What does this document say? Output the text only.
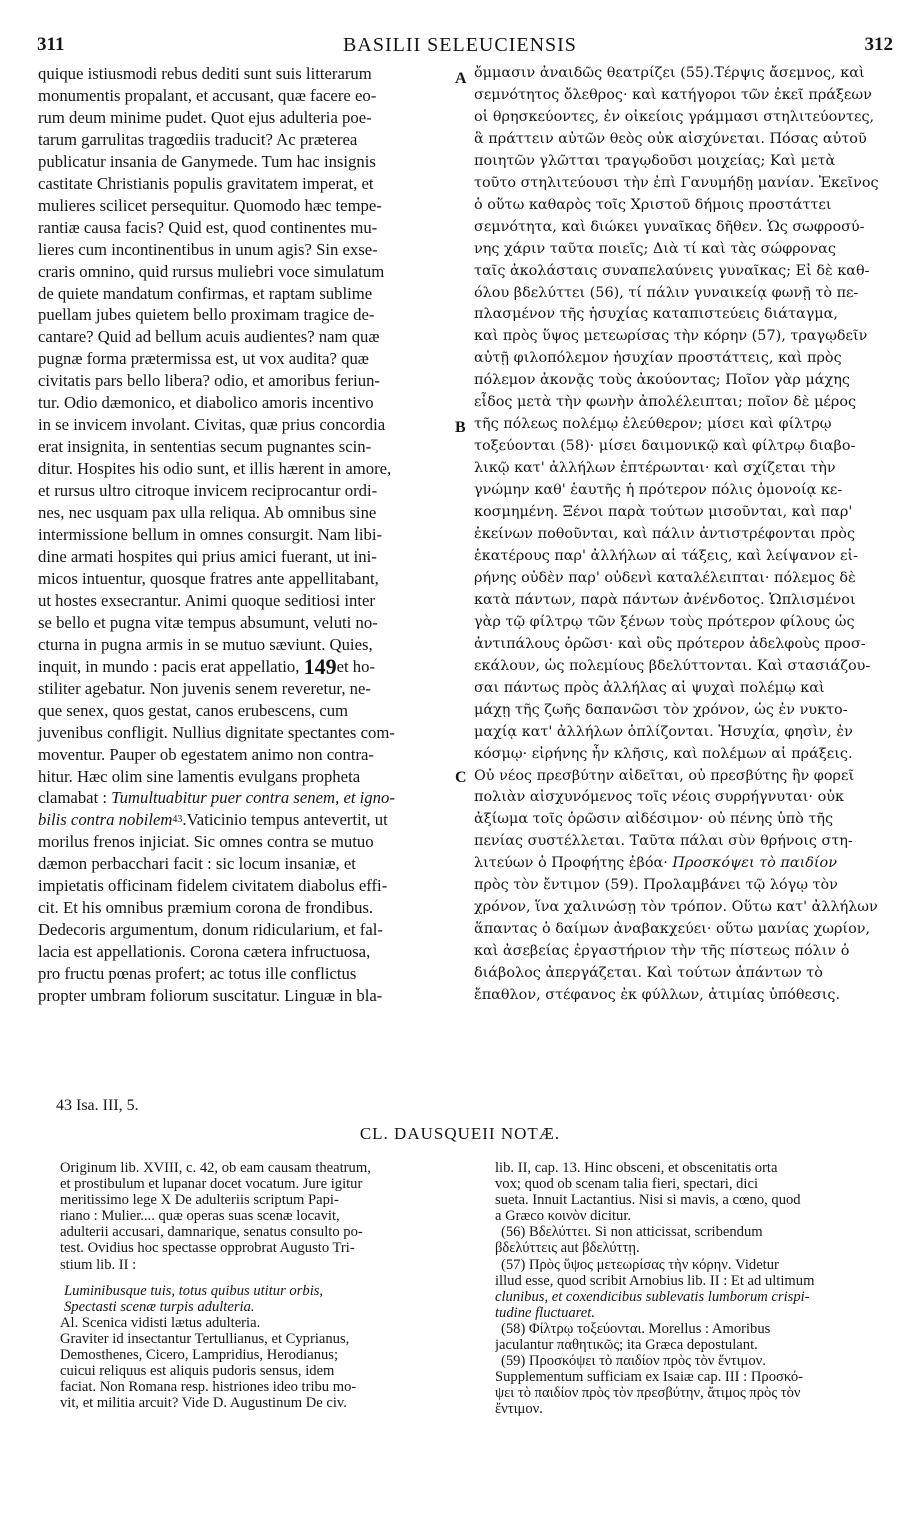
311	BASILII SELEUCIENSIS	312
A
B
C
quique istiusmodi rebus dediti sunt suis litterarum
monumentis propalant, et accusant, quæ facere eo-
rum deum minime pudet. Quot ejus adulteria poe-
tarum garrulitas tragœdiis traducit? Ac præterea
publicatur insania de Ganymede. Tum hac insignis
castitate Christianis populis gravitatem imperat, et
mulieres scilicet persequitur. Quomodo hæc tempe-
rantiæ causa facis? Quid est, quod continentes mu-
lieres cum incontinentibus in unum agis? Sin exse-
craris omnino, quid rursus muliebri voce simulatum
de quiete mandatum confirmas, et raptam sublime
puellam jubes quietem bello proximam tragice de-
cantare? Quid ad bellum acuis audientes? nam quæ
pugnæ forma prætermissa est, ut vox audita? quæ
civitatis pars bello libera? odio, et amoribus feriun-
tur. Odio dæmonico, et diabolico amoris incentivo
in se invicem involant. Civitas, quæ prius concordia
erat insignita, in sententias secum pugnantes scin-
ditur. Hospites his odio sunt, et illis hærent in amore,
et rursus ultro citroque invicem reciprocantur ordi-
nes, nec usquam pax ulla reliqua. Ab omnibus sine
intermissione bellum in omnes consurgit. Nam libi-
dine armati hospites qui prius amici fuerant, ut ini-
micos intuentur, quosque fratres ante appellitabant,
ut hostes exsecrantur. Animi quoque seditiosi inter
se bello et pugna vitæ tempus absumunt, veluti no-
cturna in pugna armis in se mutuo sæviunt. Quies,
inquit, in mundo : pacis erat appellatio,
149 et ho-
stiliter agebatur. Non juvenis senem reveretur, ne-
que senex, quos gestat, canos erubescens, cum
juvenibus confligit. Nullius dignitate spectantes com-
moventur. Pauper ob egestatem animo non contra-
hitur. Hæc olim sine lamentis evulgans propheta
clamabat :
Tumultuabitur puer contra senem, et igno-
bilis contra nobilem 43 . Vaticinio tempus antevertit, ut
morilus frenos injiciat. Sic omnes contra se mutuo
dæmon perbacchari facit : sic locum insaniæ, et
impietatis officinam fidelem civitatem diabolus effi-
cit. Et his omnibus præmium corona de frondibus.
Dedecoris argumentum, donum ridicularium, et fal-
lacia est appellationis. Corona cætera infructuosa,
pro fructu pœnas profert; ac totus ille conflictus
propter umbram foliorum suscitatur. Linguæ in bla-
ὄμμασιν ἀναιδῶς θεατρίζει (55).Τέρψις ἄσεμνος, καὶ
σεμνότητος ὄλεθρος· καὶ κατήγοροι τῶν ἐκεῖ πράξεων
οἱ θρησκεύοντες, ἐν οἰκείοις γράμμασι στηλιτεύοντες,
ἃ πράττειν αὐτῶν θεὸς οὐκ αἰσχύνεται. Πόσας αὐτοῦ
ποιητῶν γλῶτται τραγῳδοῦσι μοιχείας; Καὶ μετὰ
τοῦτο στηλιτεύουσι τὴν ἐπὶ Γανυμήδῃ μανίαν. Ἐκεῖνος
ὁ οὕτω καθαρὸς τοῖς Χριστοῦ δήμοις προστάττει
σεμνότητα, καὶ διώκει γυναῖκας δῆθεν. Ὡς σωφροσύ-
νης χάριν ταῦτα ποιεῖς; Διὰ τί καὶ τὰς σώφρονας
ταῖς ἀκολάσταις συναπελαύνεις γυναῖκας; Εἰ δὲ καθ-
όλου βδελύττει (56), τί πάλιν γυναικείᾳ φωνῇ τὸ πε-
πλασμένον τῆς ἡσυχίας καταπιστεύεις διάταγμα,
καὶ πρὸς ὕψος μετεωρίσας τὴν κόρην (57), τραγῳδεῖν
αὐτῇ φιλοπόλεμον ἡσυχίαν προστάττεις, καὶ πρὸς
πόλεμον ἀκονᾷς τοὺς ἀκούοντας; Ποῖον γὰρ μάχης
εἶδος μετὰ τὴν φωνὴν ἀπολέλειπται; ποῖον δὲ μέρος
τῆς πόλεως πολέμῳ ἐλεύθερον; μίσει καὶ φίλτρῳ
τοξεύονται (58)· μίσει δαιμονικῷ καὶ φίλτρῳ διαβο-
λικῷ κατ' ἀλλήλων ἐπτέρωνται· καὶ σχίζεται τὴν
γνώμην καθ' ἑαυτῆς ἡ πρότερον πόλις ὁμονοίᾳ κε-
κοσμημένη. Ξένοι παρὰ τούτων μισοῦνται, καὶ παρ'
ἐκείνων ποθοῦνται, καὶ πάλιν ἀντιστρέφονται πρὸς
ἑκατέρους παρ' ἀλλήλων αἱ τάξεις, καὶ λείψανον εἰ-
ρήνης οὐδὲν παρ' οὐδενὶ καταλέλειπται· πόλεμος δὲ
κατὰ πάντων, παρὰ πάντων ἀνένδοτος. Ὡπλισμένοι
γὰρ τῷ φίλτρῳ τῶν ξένων τοὺς πρότερον φίλους ὡς
ἀντιπάλους ὁρῶσι· καὶ οὓς πρότερον ἀδελφοὺς προσ-
εκάλουν, ὡς πολεμίους βδελύττονται. Καὶ στασιάζου-
σαι πάντως πρὸς ἀλλήλας αἱ ψυχαὶ πολέμῳ καὶ
μάχῃ τῆς ζωῆς δαπανῶσι τὸν χρόνον, ὡς ἐν νυκτο-
μαχίᾳ κατ' ἀλλήλων ὁπλίζονται. Ἡσυχία, φησὶν, ἐν
κόσμῳ· εἰρήνης ἦν κλῆσις, καὶ πολέμων αἱ πράξεις.
Οὐ νέος πρεσβύτην αἰδεῖται, οὐ πρεσβύτης ἣν φορεῖ
πολιὰν αἰσχυνόμενος τοῖς νέοις συρρήγνυται· οὐκ
ἀξίωμα τοῖς ὁρῶσιν αἰδέσιμον· οὐ πένης ὑπὸ τῆς
πενίας συστέλλεται. Ταῦτα πάλαι σὺν θρήνοις στη-
λιτεύων ὁ Προφήτης ἐβόα·
Προσκόψει τὸ παιδίον
πρὸς τὸν ἔντιμον (59). Προλαμβάνει τῷ λόγῳ τὸν
χρόνον, ἵνα χαλινώσῃ τὸν τρόπον. Οὕτω κατ' ἀλλήλων
ἅπαντας ὁ δαίμων ἀναβακχεύει· οὕτω μανίας χωρίον,
καὶ ἀσεβείας ἐργαστήριον τὴν τῆς πίστεως πόλιν ὁ
διάβολος ἀπεργάζεται. Καὶ τούτων ἁπάντων τὸ
ἔπαθλον, στέφανος ἐκ φύλλων, ἀτιμίας ὑπόθεσις.
43 Isa. III, 5.
CL. DAUSQUEII NOTÆ.
Originum lib. XVIII, c. 42, ob eam causam theatrum,
et prostibulum et lupanar docet vocatum. Jure igitur
meritissimo lege X De adulteriis scriptum Papi-
riano : Mulier.... quæ operas suas scenæ locavit,
adulterii accusari, damnarique, senatus consulto po-
test. Ovidius hoc spectasse opprobrat Augusto Tri-
stium lib. II :
Luminibusque tuis, totus quibus utitur orbis,
Spectasti scenæ turpis adulteria.
Al. Scenica vidisti lætus adulteria.
Graviter id insectantur Tertullianus, et Cyprianus,
Demosthenes, Cicero, Lampridius, Herodianus;
cuicui reliquus est aliquis pudoris sensus, idem
faciat. Non Romana resp. histriones ideo tribu mo-
vit, et militia arcuit? Vide D. Augustinum De civ.
lib. II, cap. 13. Hinc obsceni, et obscenitatis orta
vox; quod ob scenam talia fieri, spectari, dici
sueta. Innuit Lactantius. Nisi si mavis, a cœno, quod
a Græco κοινὸν dicitur.
(56) Βδελύττει. Si non atticissat, scribendum
βδελύττεις aut βδελύττῃ.
(57) Πρὸς ὕψος μετεωρίσας τὴν κόρην. Videtur
illud esse, quod scribit Arnobius lib. II : Et ad ultimum
clunibus, et coxendicibus sublevatis lumborum crispi-
tudine fluctuaret.
(58) Φίλτρῳ τοξεύονται. Morellus : Amoribus
jaculantur παθητικῶς; ita Græca depostulant.
(59) Προσκόψει τὸ παιδίον πρὸς τὸν ἔντιμον.
Supplementum sufficiam ex Isaiæ cap. III : Προσκό-
ψει τὸ παιδίον πρὸς τὸν πρεσβύτην, ἄτιμος πρὸς τὸν
ἔντιμον.
